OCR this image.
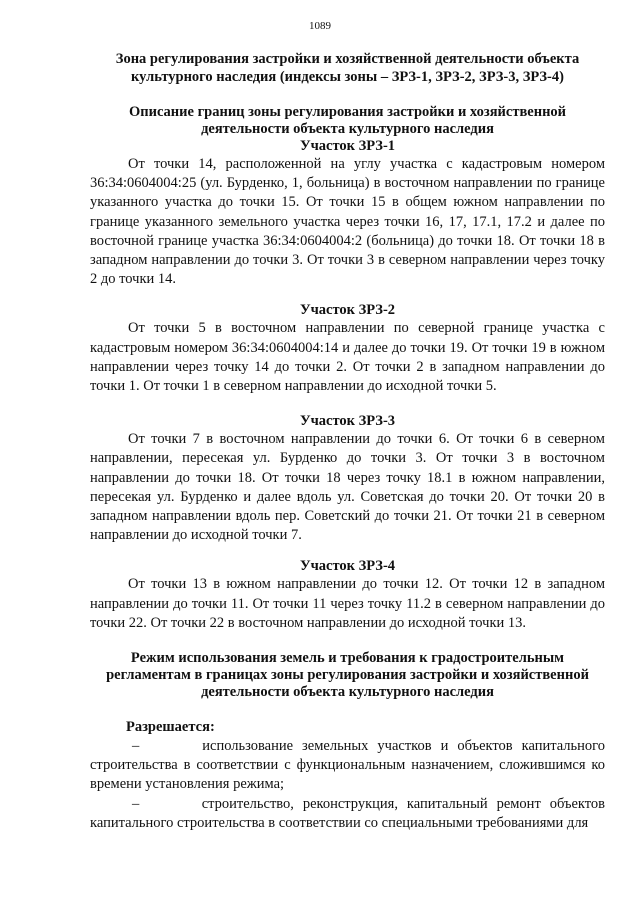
1089

Зона регулирования застройки и хозяйственной деятельности объекта культурного наследия (индексы зоны – ЗРЗ-1, ЗРЗ-2, ЗРЗ-3, ЗРЗ-4)

Описание границ зоны регулирования застройки и хозяйственной деятельности объекта культурного наследия

Участок ЗРЗ-1

От точки 14, расположенной на углу участка с кадастровым номером 36:34:0604004:25 (ул. Бурденко, 1, больница) в восточном направлении по границе указанного участка до точки 15. От точки 15 в общем южном направлении по границе указанного земельного участка через точки 16, 17, 17.1, 17.2 и далее по восточной границе участка 36:34:0604004:2 (больница) до точки 18. От точки 18 в западном направлении до точки 3. От точки 3 в северном направлении через точку 2 до точки 14.

Участок ЗРЗ-2

От точки 5 в восточном направлении по северной границе участка с кадастровым номером 36:34:0604004:14 и далее до точки 19. От точки 19 в южном направлении через точку 14 до точки 2. От точки 2 в западном направлении до точки 1. От точки 1 в северном направлении до исходной точки 5.

Участок ЗРЗ-3

От точки 7 в восточном направлении до точки 6. От точки 6 в северном направлении, пересекая ул. Бурденко до точки 3. От точки 3 в восточном направлении до точки 18. От точки 18 через точку 18.1 в южном направлении, пересекая ул. Бурденко и далее вдоль ул. Советская до точки 20. От точки 20 в западном направлении вдоль пер. Советский до точки 21. От точки 21 в северном направлении до исходной точки 7.

Участок ЗРЗ-4

От точки 13 в южном направлении до точки 12. От точки 12 в западном направлении до точки 11. От точки 11 через точку 11.2 в северном направлении до точки 22. От точки 22 в восточном направлении до исходной точки 13.

Режим использования земель и требования к градостроительным регламентам в границах зоны регулирования застройки и хозяйственной деятельности объекта культурного наследия

Разрешается:

–	использование земельных участков и объектов капитального строительства в соответствии с функциональным назначением, сложившимся ко времени установления режима;

–	строительство, реконструкция, капитальный ремонт объектов капитального строительства в соответствии со специальными требованиями для
